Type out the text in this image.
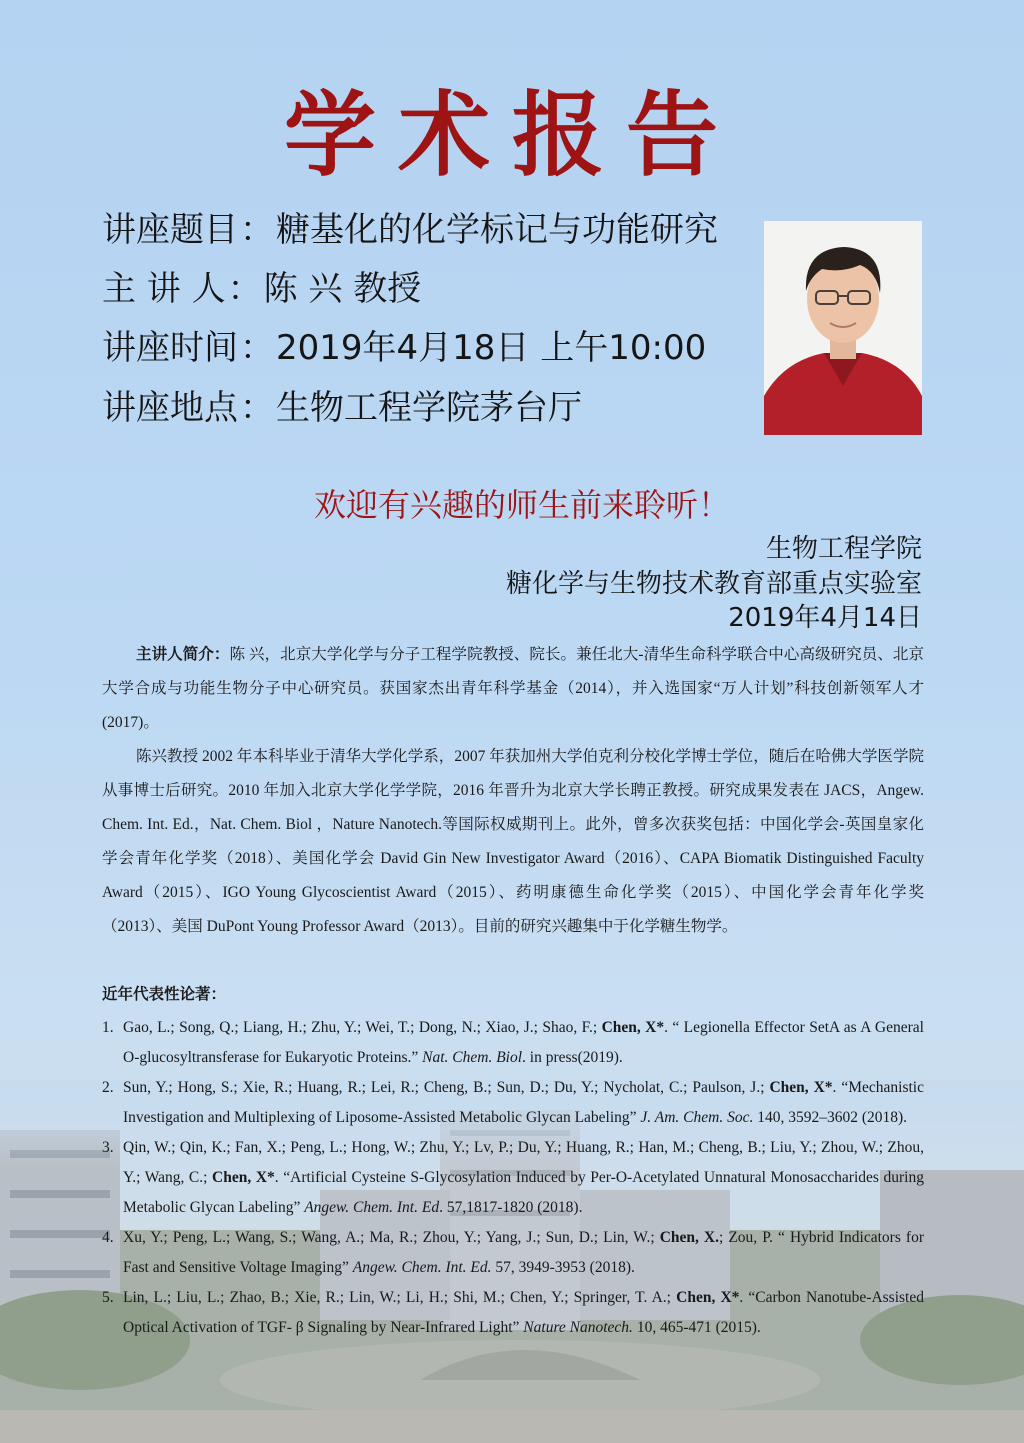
学术报告
讲座题目：糖基化的化学标记与功能研究
主 讲 人：陈 兴 教授
讲座时间：2019年4月18日 上午10:00
讲座地点：生物工程学院茅台厅
欢迎有兴趣的师生前来聆听！
生物工程学院
糖化学与生物技术教育部重点实验室
2019年4月14日
主讲人简介：陈 兴，北京大学化学与分子工程学院教授、院长。兼任北大-清华生命科学联合中心高级研究员、北京大学合成与功能生物分子中心研究员。获国家杰出青年科学基金（2014），并入选国家“万人计划”科技创新领军人才(2017)。
陈兴教授 2002 年本科毕业于清华大学化学系，2007 年获加州大学伯克利分校化学博士学位，随后在哈佛大学医学院从事博士后研究。2010 年加入北京大学化学学院，2016 年晋升为北京大学长聘正教授。研究成果发表在 JACS，Angew. Chem. Int. Ed.，Nat. Chem. Biol ，Nature Nanotech.等国际权威期刊上。此外，曾多次获奖包括：中国化学会-英国皇家化学会青年化学奖（2018）、美国化学会 David Gin New Investigator Award（2016）、CAPA Biomatik Distinguished Faculty Award（2015）、IGO Young Glycoscientist Award（2015）、药明康德生命化学奖（2015）、中国化学会青年化学奖（2013）、美国 DuPont Young Professor Award（2013）。目前的研究兴趣集中于化学糖生物学。
近年代表性论著：
1. Gao, L.; Song, Q.; Liang, H.; Zhu, Y.; Wei, T.; Dong, N.; Xiao, J.; Shao, F.; Chen, X*. “ Legionella Effector SetA as A General O-glucosyltransferase for Eukaryotic Proteins.” Nat. Chem. Biol. in press(2019).
2. Sun, Y.; Hong, S.; Xie, R.; Huang, R.; Lei, R.; Cheng, B.; Sun, D.; Du, Y.; Nycholat, C.; Paulson, J.; Chen, X*. “Mechanistic Investigation and Multiplexing of Liposome-Assisted Metabolic Glycan Labeling” J. Am. Chem. Soc. 140, 3592–3602 (2018).
3. Qin, W.; Qin, K.; Fan, X.; Peng, L.; Hong, W.; Zhu, Y.; Lv, P.; Du, Y.; Huang, R.; Han, M.; Cheng, B.; Liu, Y.; Zhou, W.; Zhou, Y.; Wang, C.; Chen, X*. “Artificial Cysteine S-Glycosylation Induced by Per-O-Acetylated Unnatural Monosaccharides during Metabolic Glycan Labeling” Angew. Chem. Int. Ed. 57,1817-1820 (2018).
4. Xu, Y.; Peng, L.; Wang, S.; Wang, A.; Ma, R.; Zhou, Y.; Yang, J.; Sun, D.; Lin, W.; Chen, X.; Zou, P. “ Hybrid Indicators for Fast and Sensitive Voltage Imaging” Angew. Chem. Int. Ed. 57, 3949-3953 (2018).
5. Lin, L.; Liu, L.; Zhao, B.; Xie, R.; Lin, W.; Li, H.; Shi, M.; Chen, Y.; Springer, T. A.; Chen, X*. “Carbon Nanotube-Assisted Optical Activation of TGF- β Signaling by Near-Infrared Light” Nature Nanotech. 10, 465-471 (2015).
